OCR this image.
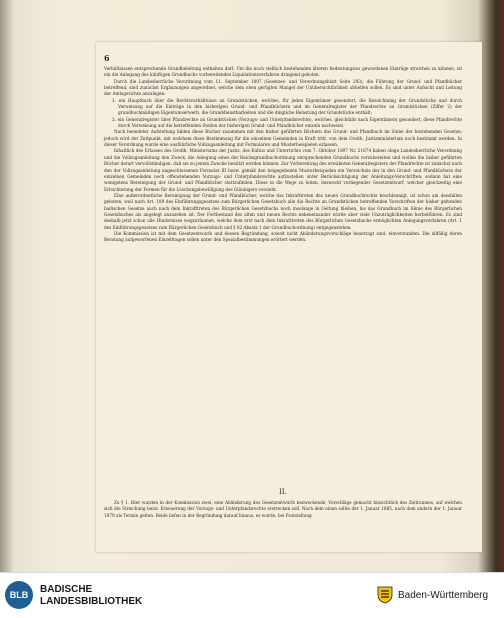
6

Verhältnissen entsprechende Grundbeleitung enthalten darf. Um die noch vielfach bestehenden älteren bedeutungslos gewordenen Einträge streichen zu können, ist ein die Anlegung des künftigen Grundbuchs vorbereitendes Liquidationsverfahren dringend geboten.

Durch die Landesherrliche Verordnung vom 11. September 1897 (Gesetzes- und Verordnungsblatt Seite 293), die Führung der Grund- und Pfandbücher betreffend, sind zunächst Ergänzungen angeordnet, welche dem oben gerügten Mangel der Unübersichtlichkeit abhelfen sollen. Es sind unter Aufsicht und Leitung der Amtsgerichte anzulegen:

1. ein Hauptbuch über die Rechtsverhältnisse an Grundstücken, welches, für jeden Eigentümer gesondert, die Bezeichnung der Grundstücke und durch Verweisung auf die Einträge in den bisherigen Grund- und Pfandbüchern und im Generalregister der Pfandrechte an Grundstücken (Ziffer 2) der grundbuchmäßigen Eigentumserwerb, die Grunddienstbarkeiten und die dingliche Belastung der Grundstücke enthält;

2. ein Generalregister über Pfandrechte an Grundstücken (Vorzugs- und Unterpfandsrechte), welches, gleichfalls nach Eigentümern gesondert, diese Pfandrechte durch Verweisung auf die betreffenden Stellen der bisherigen Grund- und Pfandbücher einzeln nachweist.

Nach beendeter Aufstellung bilden diese Bücher zusammen mit den bisher geführten Büchern das Grund- und Pfandbuch im Sinne der bestehenden Gesetze; jedoch wird der Zeitpunkt, mit welchem diese Bestimmung für die einzelnen Gemeinden in Kraft tritt, von dem Großh. Justizministerium noch bestimmt werden. In dieser Verordnung wurde eine ausführliche Vollzugsanleitung mit Formularen und Musterbeispielen erlassen.

Inhaltlich des Erlasses des Großh. Ministeriums der Justiz, des Kultus und Unterrichts vom 7. Oktober 1897 Nr. 21674 haben obige Landesherrliche Verordnung und die Vollzugsanleitung den Zweck, die Anlegung eines der Reichsgrundbuchordnung entsprechenden Grundbuchs vorzubereiten und wollen die bisher geführten Bücher derart vervollständigen, daß sie zu jenem Zwecke benützt werden können. Zur Vorbereitung des erwähnten Generalregisters der Pfandrechte ist zunächst nach den der Vollzugsanleitung angeschlossenen Formular III bezw. gemäß den beigegebenen Musterbeispielen ein Verzeichnis der in den Grund- und Pfandbüchern der einzelnen Gemeinden noch offenstehenden Vorzugs- und Unterpfandsrechte aufzustellen unter Berücksichtigung der Anleitungs-Vorschriften; sodann hat eine wenigstens Bereinigung der Grund- und Pfandbücher stattzufinden. Diese in die Wege zu leiten, bezweckt vorliegender Gesetzentwurf, welcher gleichzeitig eine Erleichterung der Formen für die Löschungsbewilligung des Gläubigers vorsieht.

Eine außerordentliche Bereinigung der Grund- und Pfandbücher, welche das Inkrafttreten des neuen Grundbuchrechts beschleunigt, ist schon am dessfallen geboten, weil nach Art. 189 des Einführungsgesetzes zum Bürgerlichen Gesetzbuch alle die Rechte an Grundstücken betreffenden Vorschriften der bisher geltenden badischen Gesetze auch nach dem Inkrafttreten des Bürgerlichen Gesetzbuchs noch insolange in Geltung bleiben, bis das Grundbuch im Sinne des Bürgerlichen Gesetzbuches als angelegt anzusehen ist. Der Fortbestand des alten und neuen Rechts nebeneinander würde aber viele Unzuträglichkeiten herbeiführen. Es sind deshalb jetzt schon alle Hindernisse wegzuräumen, welche dem erst nach dem Inkrafttreten des Bürgerlichen Gesetzbuchs ermöglichten Anlegungsverfahren (Art. 1 des Einführungsgesetzes zum Bürgerlichen Gesetzbuch und § 82 Absatz 1 der Grundbuchordnung) entgegenstehen.

Die Kommission ist mit dem Gesetzentwurfe und dessen Begründung, soweit nicht Abänderungsvorschläge beantragt sind, einverstanden. Die allfällig deren Beratung aufgeworfenen Einzelfragen sollen unter den Spezialbestimmungen erörtert werden.

II.

Zu § 1. Hier wurden in der Kommission zwei, eine Abänderung des Gesetzentwurfs bezweckende, Vorschläge gemacht hinsichtlich des Zeitraumes, auf welchen sich die Streichung bezw. Erneuerung der Vorzugs- und Unterpfandsrechte erstrecken soll. Nach dem einen sollte der 1. Januar 1885, nach dem andern der 1. Januar 1879 als Termin gelten. Beide liefen in der Begründung darauf hinaus, es wurde, bei Feststellung

BLB	BADISCHE
LANDESBIBLIOTHEK
Baden-Württemberg
